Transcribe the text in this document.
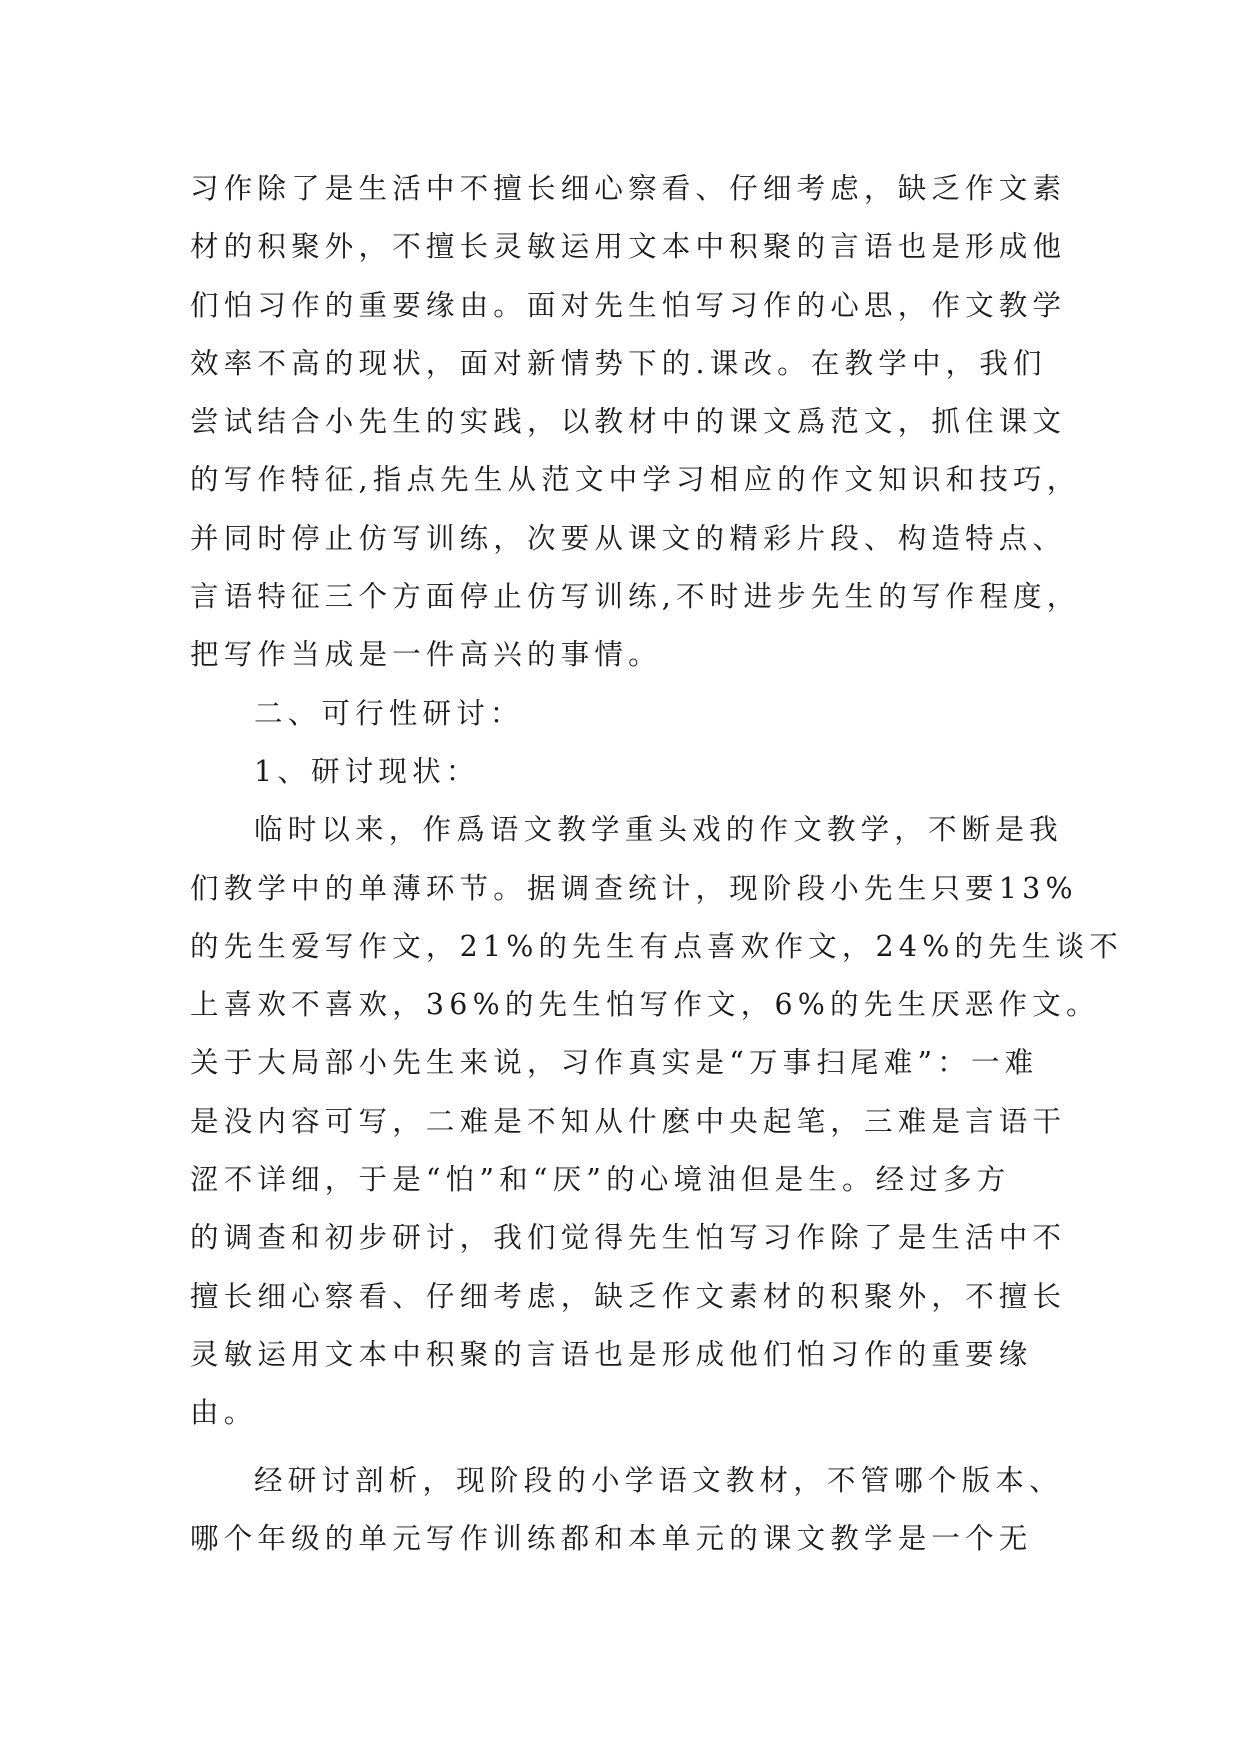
习作除了是生活中不擅长细心察看、仔细考虑，缺乏作文素
材的积聚外，不擅长灵敏运用文本中积聚的言语也是形成他
们怕习作的重要缘由。面对先生怕写习作的心思，作文教学
效率不高的现状，面对新情势下的.课改。在教学中，我们
尝试结合小先生的实践，以教材中的课文爲范文，抓住课文
的写作特征,指点先生从范文中学习相应的作文知识和技巧，
并同时停止仿写训练，次要从课文的精彩片段、构造特点、
言语特征三个方面停止仿写训练,不时进步先生的写作程度，
把写作当成是一件高兴的事情。
二、可行性研讨：
1、研讨现状：
临时以来，作爲语文教学重头戏的作文教学，不断是我
们教学中的单薄环节。据调查统计，现阶段小先生只要13%
的先生爱写作文，21%的先生有点喜欢作文，24%的先生谈不
上喜欢不喜欢，36%的先生怕写作文，6%的先生厌恶作文。
关于大局部小先生来说，习作真实是“万事扫尾难”：一难
是没内容可写，二难是不知从什麽中央起笔，三难是言语干
涩不详细，于是“怕”和“厌”的心境油但是生。经过多方
的调查和初步研讨，我们觉得先生怕写习作除了是生活中不
擅长细心察看、仔细考虑，缺乏作文素材的积聚外，不擅长
灵敏运用文本中积聚的言语也是形成他们怕习作的重要缘
由。
经研讨剖析，现阶段的小学语文教材，不管哪个版本、
哪个年级的单元写作训练都和本单元的课文教学是一个无
